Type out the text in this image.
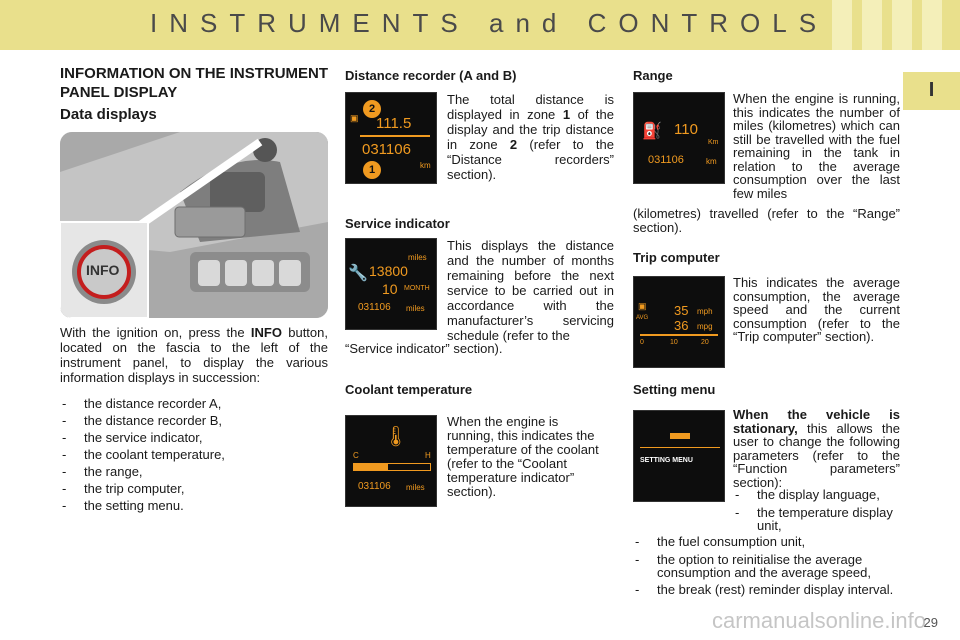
INSTRUMENTS and CONTROLS
I
INFORMATION ON THE INSTRUMENT PANEL DISPLAY
Data displays
INFO
With the ignition on, press the INFO button, located on the fascia to the left of the instrument panel, to display the various information displays in succession:
- the distance recorder A,
- the distance recorder B,
- the service indicator,
- the coolant temperature,
- the range,
- the trip computer,
- the setting menu.
Distance recorder (A and B)
2
▣ 111.5
031106
1	km
The total distance is displayed in zone 1 of the display and the trip distance in zone 2 (refer to the “Distance recorders” section).
Service indicator
🔧 13800
miles
10 MONTH
031106 miles
This displays the distance and the number of months remaining before the next service to be carried out in accordance with the manufacturer’s servicing schedule (refer to the
“Service indicator” section).
Coolant temperature
🌡
C	H
031106 miles
When the engine is running, this indicates the temperature of the coolant (refer to the “Coolant temperature indicator” section).
Range
⛽ 110
Km
031106	km
When the engine is running, this indicates the number of miles (kilometres) which can still be travelled with the fuel remaining in the tank in relation to the average consumption over the last few miles
(kilometres) travelled (refer to the “Range” section).
Trip computer
▣
AVG 35 mph
36 mpg
0	10	20
This indicates the average consumption, the average speed and the current consumption (refer to the “Trip computer” section).
Setting menu
SETTING MENU
When the vehicle is stationary, this allows the user to change the following parameters (refer to the “Function parameters” section):
- the display language,
- the temperature display unit,
- the fuel consumption unit,
- the option to reinitialise the average consumption and the average speed,
- the break (rest) reminder display interval.
carmanualsonline.info
29
